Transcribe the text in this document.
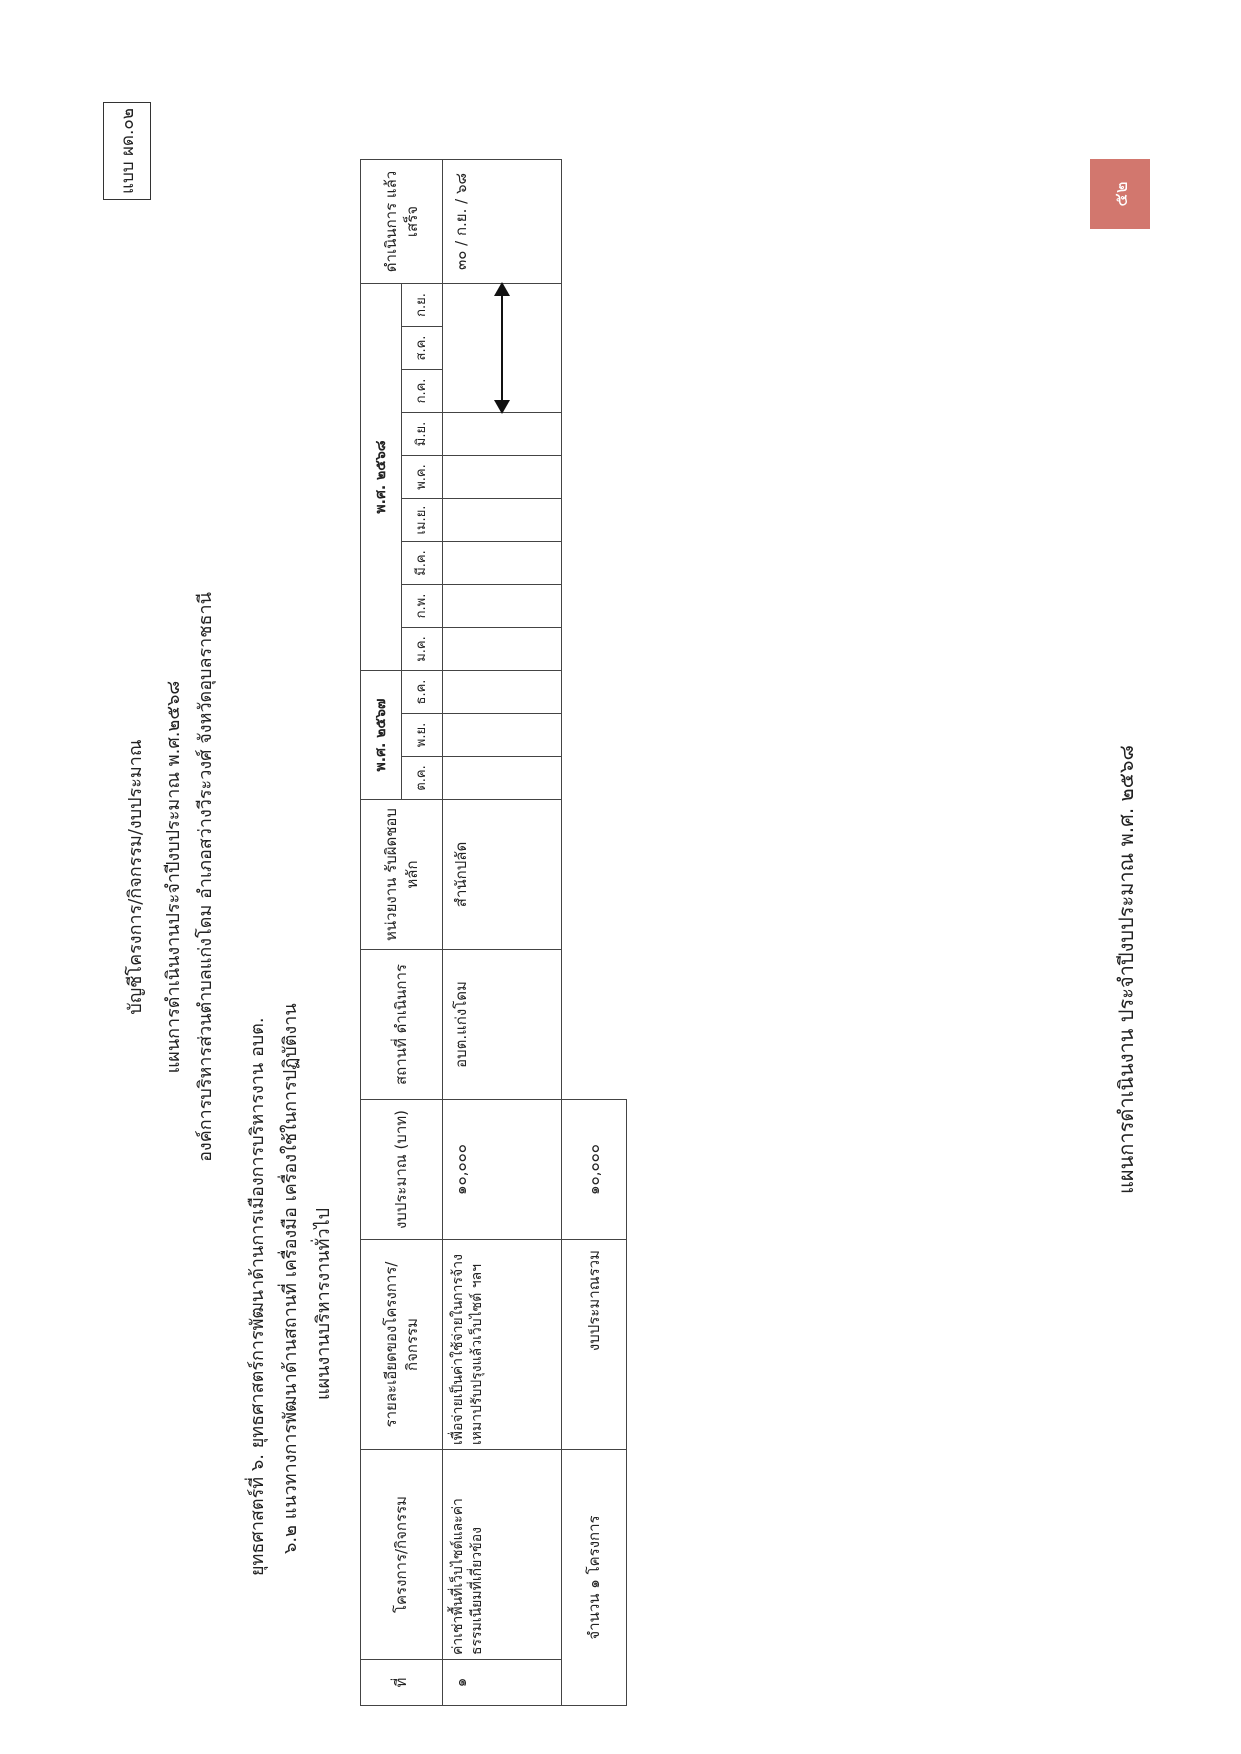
แบบ ผด.๐๒
บัญชีโครงการ/กิจกรรม/งบประมาณ แผนการดำเนินงานประจำปีงบประมาณ พ.ศ.๒๕๖๘ องค์การบริหารส่วนตำบลแก่งโดม อำเภอสว่างวีระวงศ์ จังหวัดอุบลราชธานี
ยุทธศาสตร์ที่ ๖. ยุทธศาสตร์การพัฒนาด้านการเมืองการบริหารงาน อบต. ๖.๒ แนวทางการพัฒนาด้านสถานที่ เครื่องมือ เครื่องใช้ในการปฏิบัติงาน แผนงานบริหารงานทั่วไป
ที่	โครงการ/กิจกรรม	รายละเอียดของโครงการ/ กิจกรรม	งบประมาณ (บาท)	สถานที่ ดำเนินการ	หน่วยงาน รับผิดชอบหลัก	พ.ศ. ๒๕๖๗			พ.ศ. ๒๕๖๘									ดำเนินการ แล้วเสร็จ
						ต.ค.	พ.ย.	ธ.ค.	ม.ค.	ก.พ.	มี.ค.	เม.ย.	พ.ค.	มิ.ย.	ก.ค.	ส.ค.	ก.ย.	
๑	ค่าเช่าพื้นที่เว็บไซต์และค่าธรรมเนียมที่เกี่ยวข้อง	เพื่อจ่ายเป็นค่าใช้จ่ายในการจ้างเหมาปรับปรุงแล้วเว็บไซต์ ฯลฯ	๑๐,๐๐๐	อบต.แก่งโดม	สำนักปลัด													๓๐ / ก.ย. / ๖๘
จำนวน ๑ โครงการ		งบประมาณรวม	๑๐,๐๐๐																แผนการดำเนินงาน ประจำปีงบประมาณ พ.ศ. ๒๕๖๘
๕๒
